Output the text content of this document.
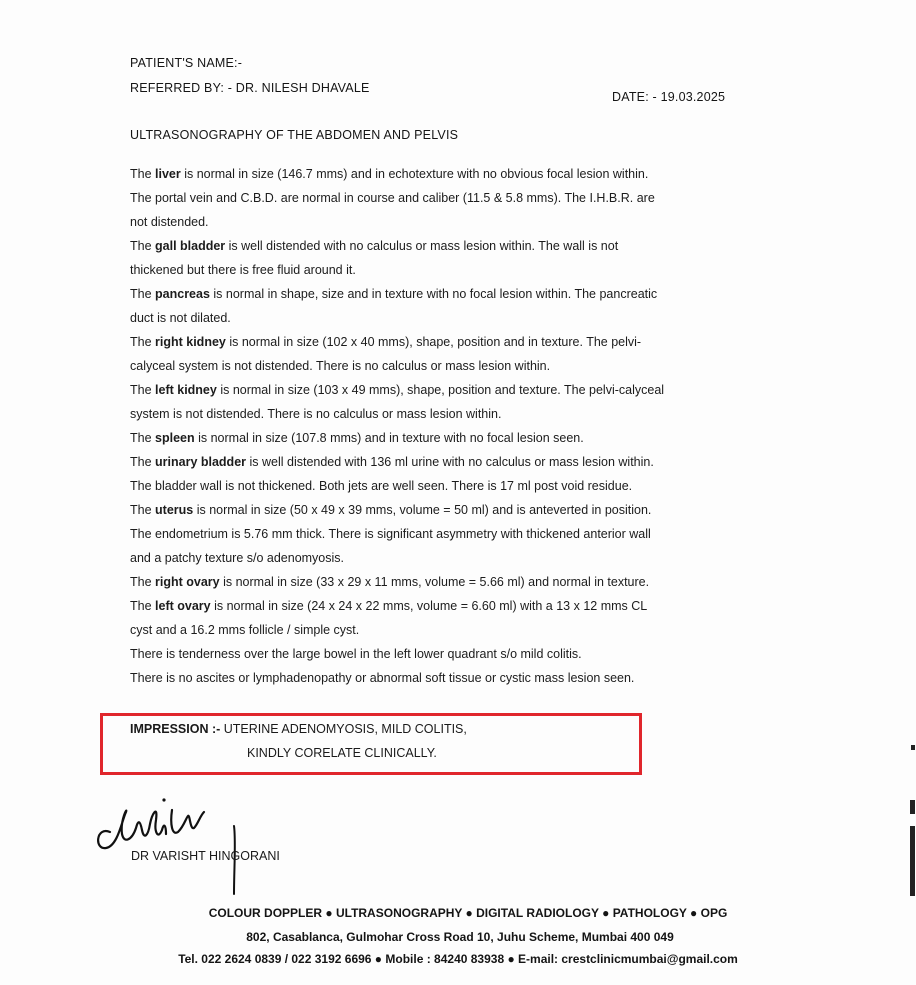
PATIENT'S NAME:-
REFERRED BY: - DR. NILESH DHAVALE
DATE: - 19.03.2025
ULTRASONOGRAPHY OF THE ABDOMEN AND PELVIS
The liver is normal in size (146.7 mms) and in echotexture with no obvious focal lesion within.
The portal vein and C.B.D. are normal in course and caliber (11.5 & 5.8 mms). The I.H.B.R. are
not distended.
The gall bladder is well distended with no calculus or mass lesion within. The wall is not
thickened but there is free fluid around it.
The pancreas is normal in shape, size and in texture with no focal lesion within. The pancreatic
duct is not dilated.
The right kidney is normal in size (102 x 40 mms), shape, position and in texture. The pelvi-
calyceal system is not distended. There is no calculus or mass lesion within.
The left kidney is normal in size (103 x 49 mms), shape, position and texture. The pelvi-calyceal
system is not distended. There is no calculus or mass lesion within.
The spleen is normal in size (107.8 mms) and in texture with no focal lesion seen.
The urinary bladder is well distended with 136 ml urine with no calculus or mass lesion within.
The bladder wall is not thickened. Both jets are well seen. There is 17 ml post void residue.
The uterus is normal in size (50 x 49 x 39 mms, volume = 50 ml) and is anteverted in position.
The endometrium is 5.76 mm thick. There is significant asymmetry with thickened anterior wall
and a patchy texture s/o adenomyosis.
The right ovary is normal in size (33 x 29 x 11 mms, volume = 5.66 ml) and normal in texture.
The left ovary is normal in size (24 x 24 x 22 mms, volume = 6.60 ml) with a 13 x 12 mms CL
cyst and a 16.2 mms follicle / simple cyst.
There is tenderness over the large bowel in the left lower quadrant s/o mild colitis.
There is no ascites or lymphadenopathy or abnormal soft tissue or cystic mass lesion seen.
IMPRESSION :- UTERINE ADENOMYOSIS, MILD COLITIS,
KINDLY CORELATE CLINICALLY.
DR VARISHT HINGORANI
COLOUR DOPPLER ● ULTRASONOGRAPHY ● DIGITAL RADIOLOGY ● PATHOLOGY ● OPG
802, Casablanca, Gulmohar Cross Road 10, Juhu Scheme, Mumbai 400 049
Tel. 022 2624 0839 / 022 3192 6696 ● Mobile : 84240 83938 ● E-mail: crestclinicmumbai@gmail.com
